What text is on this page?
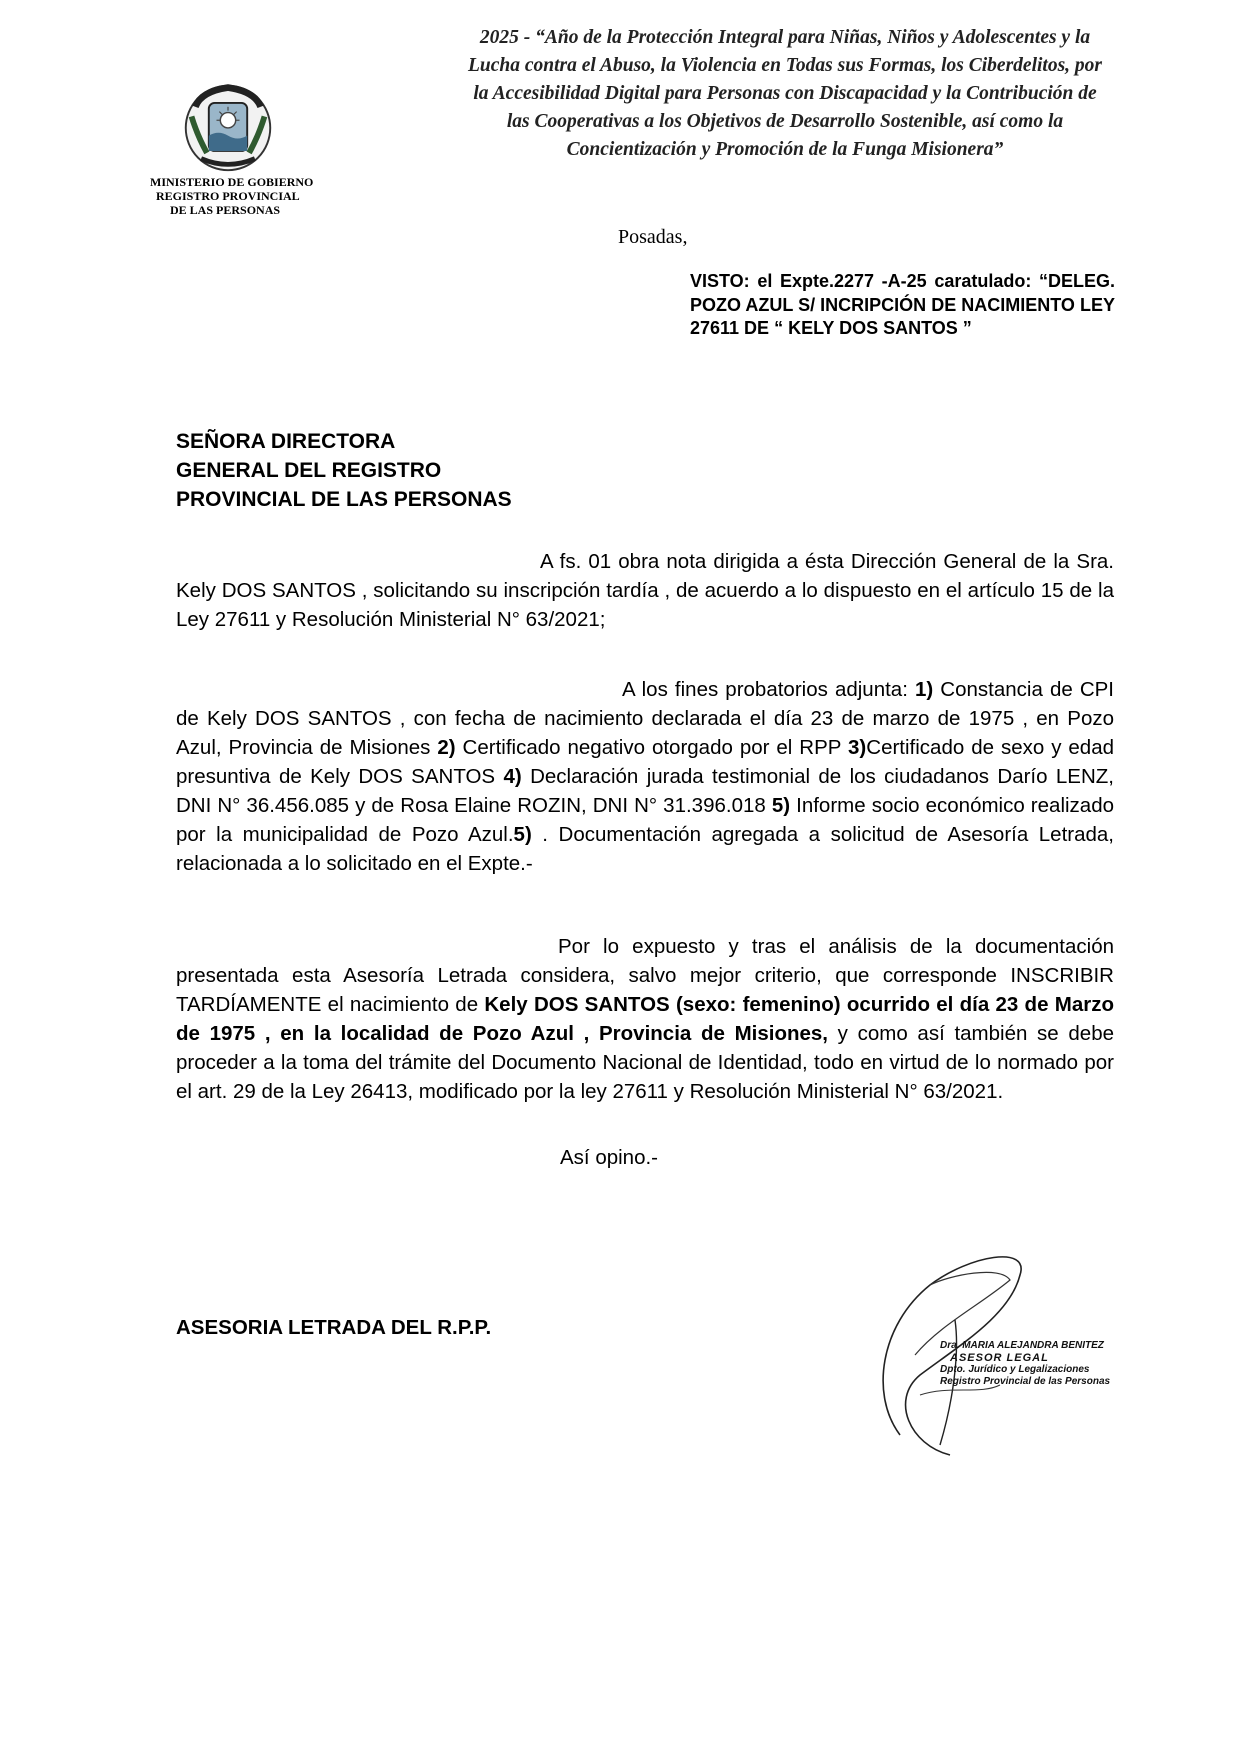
MINISTERIO DE GOBIERNO
REGISTRO PROVINCIAL
DE LAS PERSONAS
2025 - “Año de la Protección Integral para Niñas, Niños y Adolescentes y la
Lucha contra el Abuso, la Violencia en Todas sus Formas, los Ciberdelitos, por
la Accesibilidad Digital para Personas con Discapacidad y la Contribución de
las Cooperativas a los Objetivos de Desarrollo Sostenible, así como la
Concientización y Promoción de la Funga Misionera”
Posadas,
VISTO: el Expte.2277 -A-25 caratulado: “DELEG. POZO AZUL S/ INCRIPCIÓN DE NACIMIENTO LEY 27611 DE “ KELY DOS SANTOS ”
SEÑORA DIRECTORA
GENERAL DEL REGISTRO
PROVINCIAL DE LAS PERSONAS

A fs. 01 obra nota dirigida a ésta Dirección General de la Sra. Kely DOS SANTOS , solicitando su inscripción tardía , de acuerdo a lo dispuesto en el artículo 15 de la Ley 27611 y Resolución Ministerial N° 63/2021;

A los fines probatorios adjunta: 1) Constancia de CPI de Kely DOS SANTOS , con fecha de nacimiento declarada el día 23 de marzo de 1975 , en Pozo Azul, Provincia de Misiones 2) Certificado negativo otorgado por el RPP 3)Certificado de sexo y edad presuntiva de Kely DOS SANTOS 4) Declaración jurada testimonial de los ciudadanos Darío LENZ, DNI N° 36.456.085 y de Rosa Elaine ROZIN, DNI N° 31.396.018 5) Informe socio económico realizado por la municipalidad de Pozo Azul.5) . Documentación agregada a solicitud de Asesoría Letrada, relacionada a lo solicitado en el Expte.-

Por lo expuesto y tras el análisis de la documentación presentada esta Asesoría Letrada considera, salvo mejor criterio, que corresponde INSCRIBIR TARDÍAMENTE el nacimiento de Kely DOS SANTOS (sexo: femenino) ocurrido el día 23 de Marzo de 1975 , en la localidad de Pozo Azul , Provincia de Misiones, y como así también se debe proceder a la toma del trámite del Documento Nacional de Identidad, todo en virtud de lo normado por el art. 29 de la Ley 26413, modificado por la ley 27611 y Resolución Ministerial N° 63/2021.

Así opino.-
ASESORIA LETRADA DEL R.P.P.
Dra. MARIA ALEJANDRA BENITEZ
ASESOR LEGAL
Dpto. Jurídico y Legalizaciones
Registro Provincial de las Personas
